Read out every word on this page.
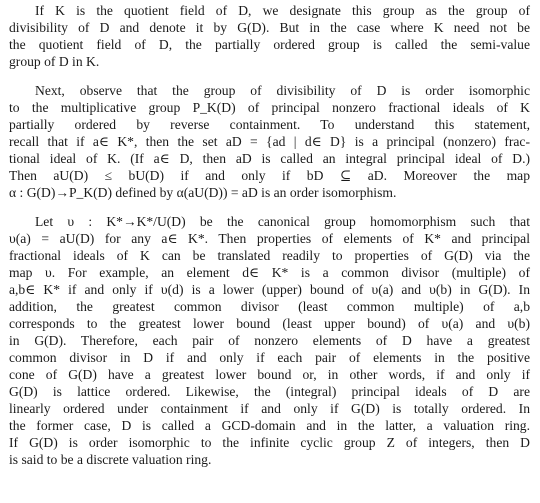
If K is the quotient field of D, we designate this group as the group of
divisibility of D and denote it by G(D). But in the case where K need not be
the quotient field of D, the partially ordered group is called the semi-value
group of D in K.

Next, observe that the group of divisibility of D is order isomorphic
to the multiplicative group P_K(D) of principal nonzero fractional ideals of K
partially ordered by reverse containment. To understand this statement,
recall that if a∈ K*, then the set aD = {ad | d∈ D} is a principal (nonzero) frac-
tional ideal of K. (If a∈ D, then aD is called an integral principal ideal of D.)
Then aU(D) ≤ bU(D) if and only if bD ⊆ aD. Moreover the map
α : G(D)→P_K(D) defined by α(aU(D)) = aD is an order isomorphism.

Let υ : K*→K*/U(D) be the canonical group homomorphism such that
υ(a) = aU(D) for any a∈ K*. Then properties of elements of K* and principal
fractional ideals of K can be translated readily to properties of G(D) via the
map υ. For example, an element d∈ K* is a common divisor (multiple) of
a,b∈ K* if and only if υ(d) is a lower (upper) bound of υ(a) and υ(b) in G(D). In
addition, the greatest common divisor (least common multiple) of a,b
corresponds to the greatest lower bound (least upper bound) of υ(a) and υ(b)
in G(D). Therefore, each pair of nonzero elements of D have a greatest
common divisor in D if and only if each pair of elements in the positive
cone of G(D) have a greatest lower bound or, in other words, if and only if
G(D) is lattice ordered. Likewise, the (integral) principal ideals of D are
linearly ordered under containment if and only if G(D) is totally ordered. In
the former case, D is called a GCD-domain and in the latter, a valuation ring.
If G(D) is order isomorphic to the infinite cyclic group Z of integers, then D
is said to be a discrete valuation ring.
